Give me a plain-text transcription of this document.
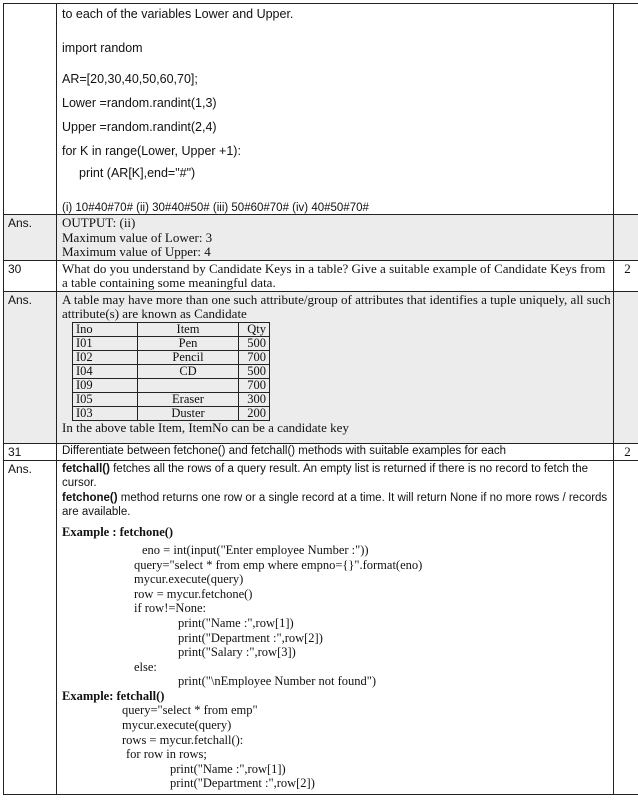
to each of the variables Lower and Upper.
import random
AR=[20,30,40,50,60,70];
Lower =random.randint(1,3)
Upper =random.randint(2,4)
for K in range(Lower, Upper +1):
print (AR[K],end="#")
(i) 10#40#70# (ii) 30#40#50# (iii) 50#60#70# (iv) 40#50#70#

Ans.	OUTPUT: (ii)
Maximum value of Lower: 3
Maximum value of Upper: 4

30	What do you understand by Candidate Keys in a table? Give a suitable example of Candidate Keys from a table containing some meaningful data.
	2
Ans.	A table may have more than one such attribute/group of attributes that identifies a tuple uniquely, all such attribute(s) are known as Candidate
Ino	Item	Qty
I01	Pen	500
I02	Pencil	700
I04	CD	500
I09		700
I05	Eraser	300
I03	Duster	200
In the above table Item, ItemNo can be a candidate key

31	Differentiate between fetchone() and fetchall() methods with suitable examples for each	2
Ans.	fetchall() fetches all the rows of a query result. An empty list is returned if there is no record to fetch the cursor.
fetchone() method returns one row or a single record at a time. It will return None if no more rows / records are available.
Example : fetchone()
eno = int(input("Enter employee Number :"))
query="select * from emp where empno={}".format(eno)
mycur.execute(query)
row = mycur.fetchone()
if row!=None:
print("Name :",row[1])
print("Department :",row[2])
print("Salary :",row[3])
else:
print("\nEmployee Number not found")
Example: fetchall()
query="select * from emp"
mycur.execute(query)
rows = mycur.fetchall():
for row in rows;
print("Name :",row[1])
print("Department :",row[2])
